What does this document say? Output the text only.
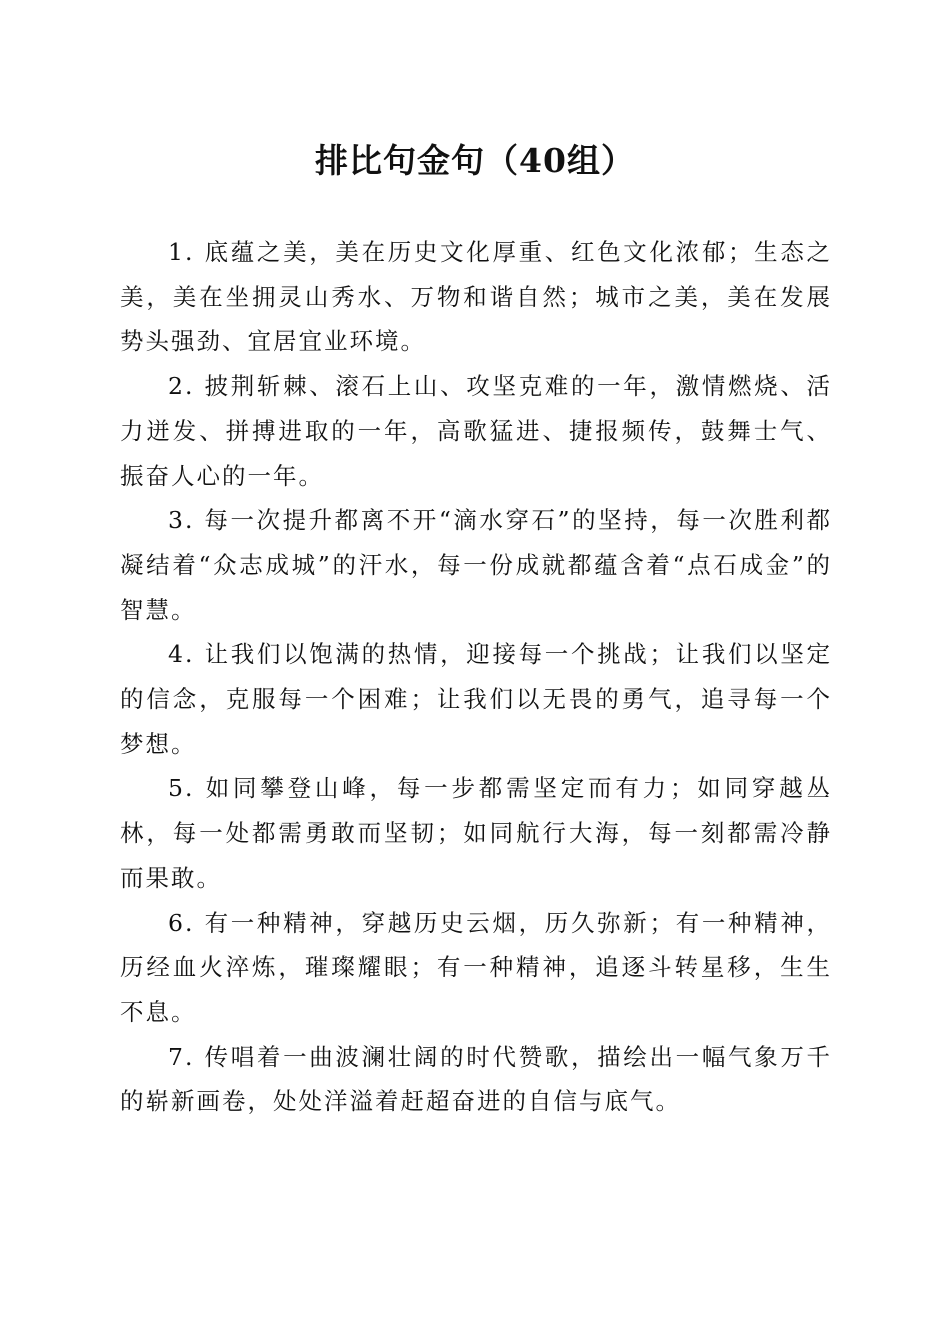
排比句金句（40组）

1. 底蕴之美，美在历史文化厚重、红色文化浓郁；生态之美，美在坐拥灵山秀水、万物和谐自然；城市之美，美在发展势头强劲、宜居宜业环境。

2. 披荆斩棘、滚石上山、攻坚克难的一年，激情燃烧、活力迸发、拼搏进取的一年，高歌猛进、捷报频传，鼓舞士气、振奋人心的一年。

3. 每一次提升都离不开“滴水穿石”的坚持，每一次胜利都凝结着“众志成城”的汗水，每一份成就都蕴含着“点石成金”的智慧。

4. 让我们以饱满的热情，迎接每一个挑战；让我们以坚定的信念，克服每一个困难；让我们以无畏的勇气，追寻每一个梦想。

5. 如同攀登山峰，每一步都需坚定而有力；如同穿越丛林，每一处都需勇敢而坚韧；如同航行大海，每一刻都需冷静而果敢。

6. 有一种精神，穿越历史云烟，历久弥新；有一种精神，历经血火淬炼，璀璨耀眼；有一种精神，追逐斗转星移，生生不息。

7. 传唱着一曲波澜壮阔的时代赞歌，描绘出一幅气象万千的崭新画卷，处处洋溢着赶超奋进的自信与底气。
